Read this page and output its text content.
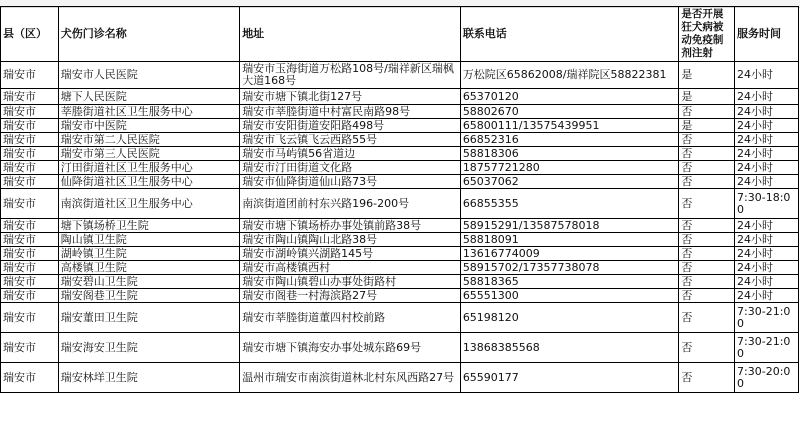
县（区）	犬伤门诊名称	地址	联系电话	是否开展狂犬病被动免疫制剂注射	服务时间
瑞安市	瑞安市人民医院	瑞安市玉海街道万松路108号/瑞祥新区瑞枫大道168号	万松院区65862008/瑞祥院区58822381	是	24小时
瑞安市	塘下人民医院	瑞安市塘下镇北街127号	65370120	是	24小时
瑞安市	莘塍街道社区卫生服务中心	瑞安市莘塍街道中村富民南路98号	58802670	否	24小时
瑞安市	瑞安市中医院	瑞安市安阳街道安阳路498号	65800111/13575439951	是	24小时
瑞安市	瑞安市第二人民医院	瑞安市飞云镇飞云西路55号	66852316	否	24小时
瑞安市	瑞安市第三人民医院	瑞安市马屿镇56省道边	58818306	否	24小时
瑞安市	汀田街道社区卫生服务中心	瑞安市汀田街道文化路	18757721280	否	24小时
瑞安市	仙降街道社区卫生服务中心	瑞安市仙降街道仙山路73号	65037062	否	24小时
瑞安市	南滨街道社区卫生服务中心	南滨街道团前村东兴路196-200号	66855355	否	7:30-18:00
瑞安市	塘下镇场桥卫生院	瑞安市塘下镇场桥办事处镇前路38号	58915291/13587578018	否	24小时
瑞安市	陶山镇卫生院	瑞安市陶山镇陶山北路38号	58818091	否	24小时
瑞安市	湖岭镇卫生院	瑞安市湖岭镇兴湖路145号	13616774009	否	24小时
瑞安市	高楼镇卫生院	瑞安市高楼镇西村	58915702/17357738078	否	24小时
瑞安市	瑞安碧山卫生院	瑞安市陶山镇碧山办事处街路村	58818365	否	24小时
瑞安市	瑞安阁巷卫生院	瑞安市阁巷一村海滨路27号	65551300	否	24小时
瑞安市	瑞安董田卫生院	瑞安市莘塍街道董四村校前路	65198120	否	7:30-21:00
瑞安市	瑞安海安卫生院	瑞安市塘下镇海安办事处城东路69号	13868385568	否	7:30-21:00
瑞安市	瑞安林垟卫生院	温州市瑞安市南滨街道林北村东风西路27号	65590177	否	7:30-20:00
